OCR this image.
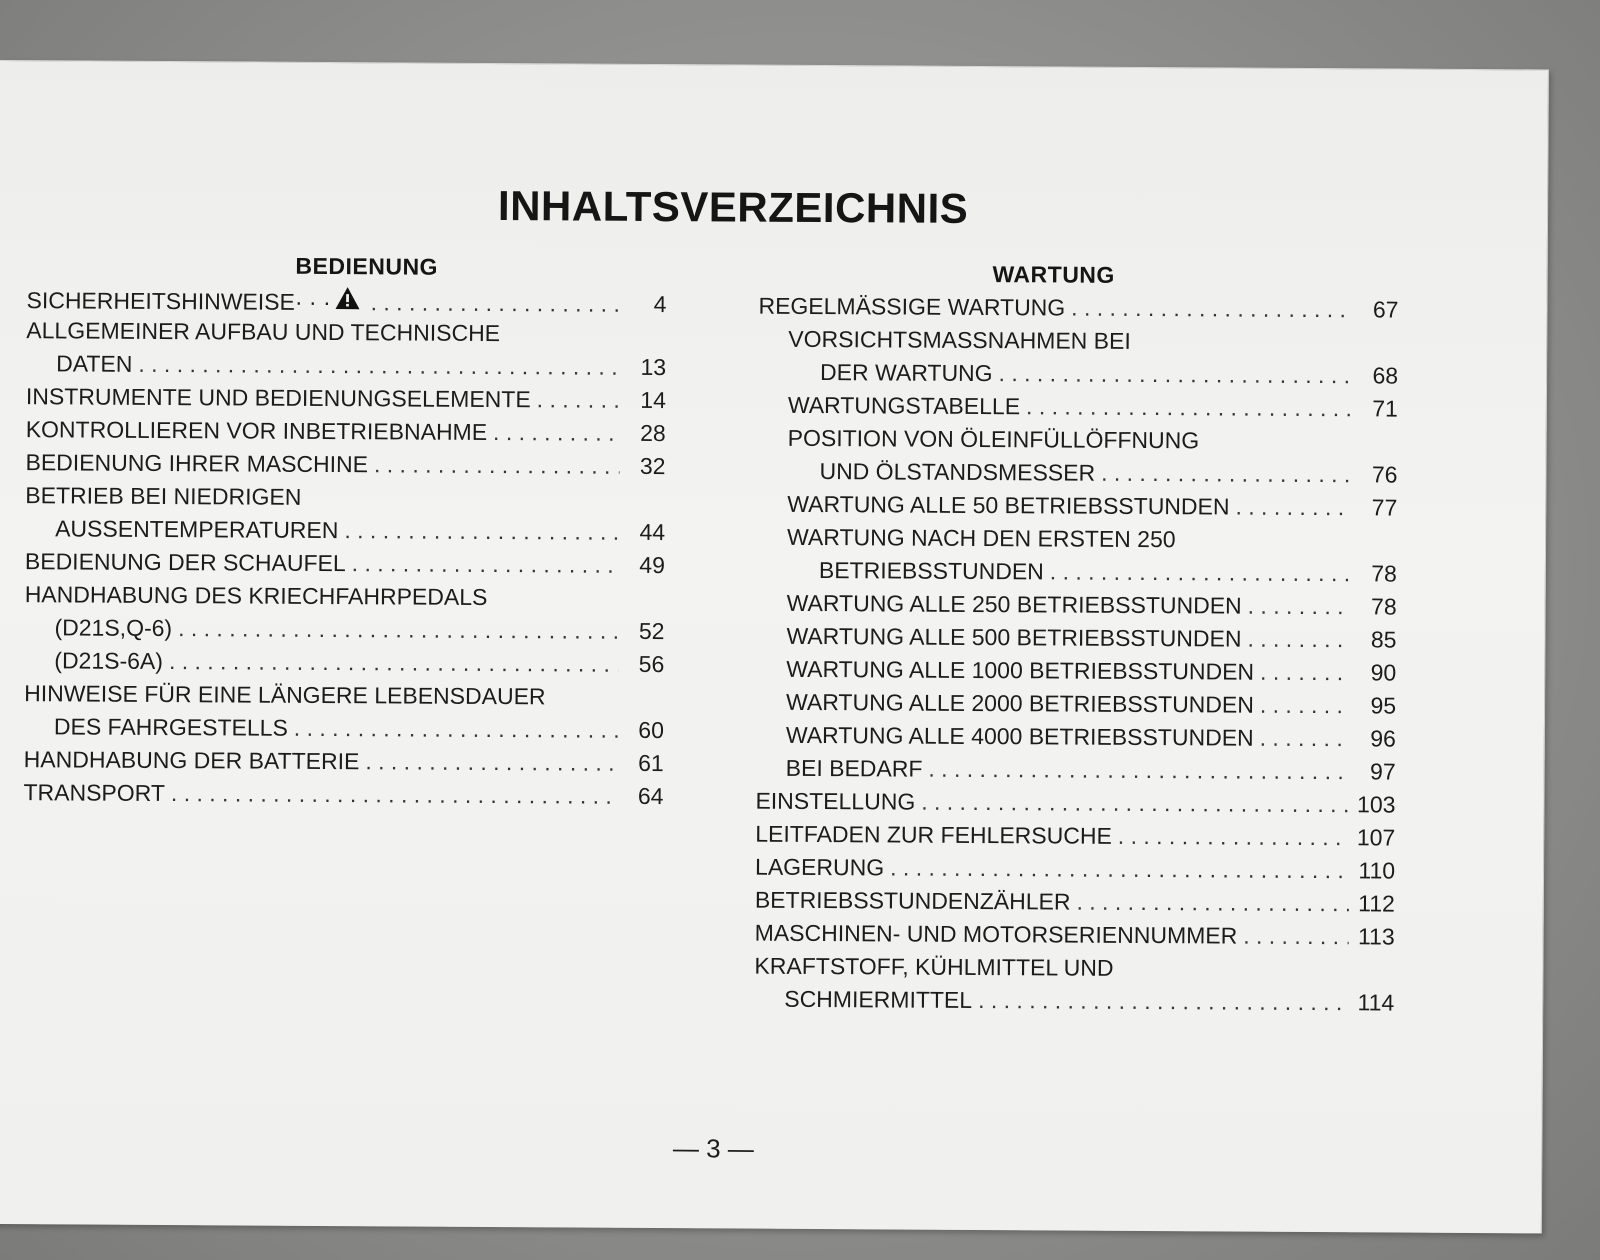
INHALTSVERZEICHNIS
BEDIENUNG
SICHERHEITSHINWEISE · · · . . .	4
ALLGEMEINER AUFBAU UND TECHNISCHE
DATEN . . .	13
INSTRUMENTE UND BEDIENUNGSELEMENTE . . .	14
KONTROLLIEREN VOR INBETRIEBNAHME . . .	28
BEDIENUNG IHRER MASCHINE . . .	32
BETRIEB BEI NIEDRIGEN
AUSSENTEMPERATUREN . . .	44
BEDIENUNG DER SCHAUFEL . . .	49
HANDHABUNG DES KRIECHFAHRPEDALS
(D21S,Q-6) . . .	52
(D21S-6A) . . .	56
HINWEISE FÜR EINE LÄNGERE LEBENSDAUER
DES FAHRGESTELLS . . .	60
HANDHABUNG DER BATTERIE . . .	61
TRANSPORT . . .	64
WARTUNG
REGELMÄSSIGE WARTUNG . . .	67
VORSICHTSMASSNAHMEN BEI
DER WARTUNG . . .	68
WARTUNGSTABELLE . . .	71
POSITION VON ÖLEINFÜLLÖFFNUNG
UND ÖLSTANDSMESSER . . .	76
WARTUNG ALLE 50 BETRIEBSSTUNDEN . . .	77
WARTUNG NACH DEN ERSTEN 250
BETRIEBSSTUNDEN . . .	78
WARTUNG ALLE 250 BETRIEBSSTUNDEN . . .	78
WARTUNG ALLE 500 BETRIEBSSTUNDEN . . .	85
WARTUNG ALLE 1000 BETRIEBSSTUNDEN . . .	90
WARTUNG ALLE 2000 BETRIEBSSTUNDEN . . .	95
WARTUNG ALLE 4000 BETRIEBSSTUNDEN . . .	96
BEI BEDARF . . .	97
EINSTELLUNG . . .	103
LEITFADEN ZUR FEHLERSUCHE . . .	107
LAGERUNG . . .	110
BETRIEBSSTUNDENZÄHLER . . .	112
MASCHINEN- UND MOTORSERIENNUMMER . . .	113
KRAFTSTOFF, KÜHLMITTEL UND
SCHMIERMITTEL . . .	114
— 3 —
